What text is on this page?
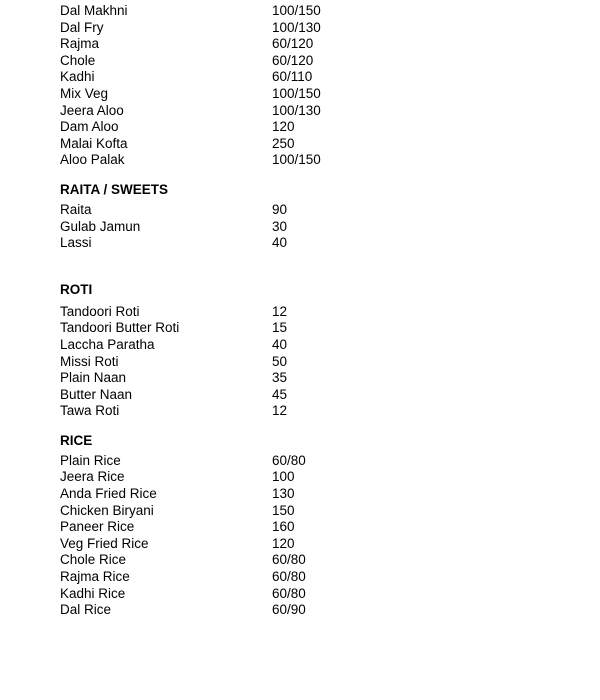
Dal Makhni	100/150
Dal Fry	100/130
Rajma	60/120
Chole	60/120
Kadhi	60/110
Mix Veg	100/150
Jeera Aloo	100/130
Dam Aloo	120
Malai Kofta	250
Aloo Palak	100/150
RAITA / SWEETS
Raita	90
Gulab Jamun	30
Lassi	40
ROTI
Tandoori Roti	12
Tandoori Butter Roti	15
Laccha Paratha	40
Missi Roti	50
Plain Naan	35
Butter Naan	45
Tawa Roti	12
RICE
Plain Rice	60/80
Jeera Rice	100
Anda Fried Rice	130
Chicken Biryani	150
Paneer Rice	160
Veg Fried Rice	120
Chole Rice	60/80
Rajma Rice	60/80
Kadhi Rice	60/80
Dal Rice	60/90
